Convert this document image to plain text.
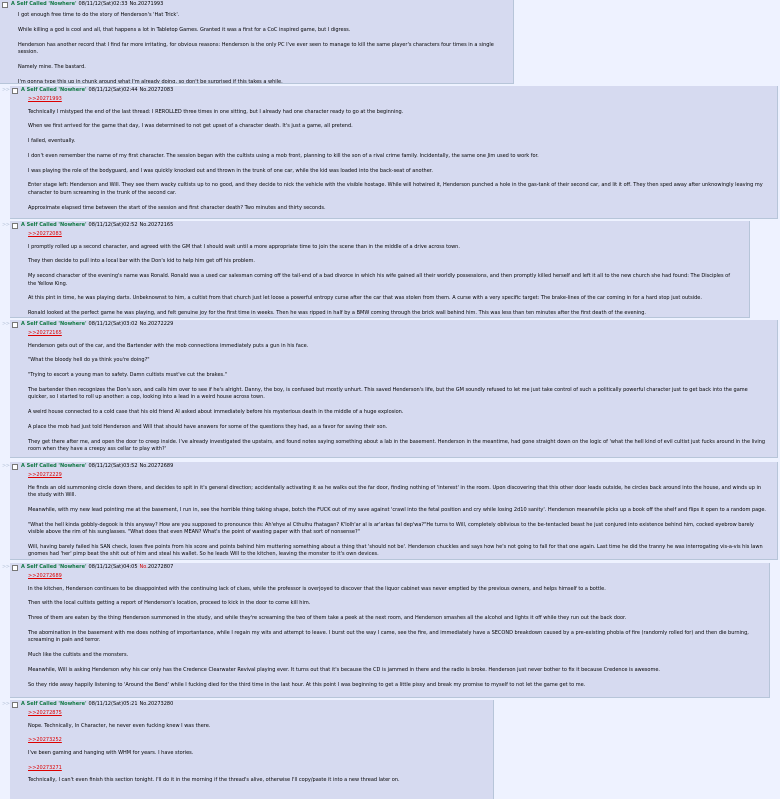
A Self Called 'Nowhere' 08/11/12(Sat)02:33 No.20271993

I got enough free time to do the story of Henderson's 'Hat Trick'.

While killing a god is cool and all, that happens a lot in Tabletop Games. Granted it was a first for a CoC inspired game, but I digress.

Henderson has another record that I find far more irritating, for obvious reasons: Henderson is the only PC I've ever seen to manage to kill the same player's characters four times in a single session.

Namely mine. The bastard.

I'm gonna type this up in chunk around what I'm already doing, so don't be surprised if this takes a while.

>> A Self Called 'Nowhere' 08/11/12(Sat)02:44 No.20272083
>>20271993

Technically I mistyped the end of the last thread: I REROLLED three times in one sitting, but I already had one character ready to go at the beginning.

When we first arrived for the game that day, I was determined to not get upset of a character death. It's just a game, all pretend.

I failed, eventually.

I don't even remember the name of my first character. The session began with the cultists using a mob front, planning to kill the son of a rival crime family. Incidentally, the same one Jim used to work for.

I was playing the role of the bodyguard, and I was quickly knocked out and thrown in the trunk of one car, while the kid was loaded into the back-seat of another.

Enter stage left: Henderson and Will. They see them wacky cultists up to no good, and they decide to nick the vehicle with the visible hostage. While will hotwired it, Henderson punched a hole in the gas-tank of their second car, and lit it off. They then sped away after unknowingly leaving my character to burn screaming in the trunk of the second car.

Approximate elapsed time between the start of the session and first character death? Two minutes and thirty seconds.

>> A Self Called 'Nowhere' 08/11/12(Sat)02:52 No.20272165
>>20272083

I promptly rolled up a second character, and agreed with the GM that I should wait until a more appropriate time to join the scene than in the middle of a drive across town.

They then decide to pull into a local bar with the Don's kid to help him get off his problem.

My second character of the evening's name was Ronald. Ronald was a used car salesman coming off the tail-end of a bad divorce in which his wife gained all their worldly possessions, and then promptly killed herself and left it all to the new church she had found: The Disciples of the Yellow King.

At this pint in time, he was playing darts. Unbeknownst to him, a cultist from that church just let loose a powerful entropy curse after the car that was stolen from them. A curse with a very specific target: The brake-lines of the car coming in for a hard stop just outside.

Ronald looked at the perfect game he was playing, and felt genuine joy for the first time in weeks. Then he was ripped in half by a BMW coming through the brick wall behind him. This was less than ten minutes after the first death of the evening.

>> A Self Called 'Nowhere' 08/11/12(Sat)03:02 No.20272229
>>20272165

Henderson gets out of the car, and the Bartender with the mob connections immediately puts a gun in his face.

"What the bloody hell do ya think you're doing?"

"Trying to escort a young man to safety. Damn cultists must've cut the brakes."

The bartender then recognizes the Don's son, and calls him over to see if he's alright. Danny, the boy, is confused but mostly unhurt. This saved Henderson's life, but the GM soundly refused to let me just take control of such a politically powerful character just to get back into the game quicker, so I started to roll up another: a cop, looking into a lead in a weird house across town.

A weird house connected to a cold case that his old friend Al asked about immediately before his mysterious death in the middle of a huge explosion.

A place the mob had just told Henderson and Will that should have answers for some of the questions they had, as a favor for saving their son.

They get there after me, and open the door to creep inside. I've already investigated the upstairs, and found notes saying something about a lab in the basement. Henderson in the meantime, had gone straight down on the logic of 'what the hell kind of evil cultist just fucks around in the living room when they have a creepy ass cellar to play with?'

>> A Self Called 'Nowhere' 08/11/12(Sat)03:52 No.20272689
>>20272229

He finds an old summoning circle down there, and decides to spit in it's general direction; accidentally activating it as he walks out the far door, finding nothing of 'interest' in the room. Upon discovering that this other door leads outside, he circles back around into the house, and winds up in the study with Will.

Meanwhile, with my new lead pointing me at the basement, I run in, see the horrible thing taking shape, botch the FUCK out of my save against 'crawl into the fetal position and cry while losing 2d10 sanity'. Henderson meanwhile picks up a book off the shelf and flips it open to a random page.

"What the hell kinda gobbly-degook is this anyway? How are you supposed to pronounce this: Ah'ehye al Cthulhu fhatagan? K'lolh'ar al is ar'arkas fal dep'wa?"He turns to Will, completely oblivious to the be-tentacled beast he just conjured into existence behind him, cocked eyebrow barely visible above the rim of his sunglasses. "What does that even MEAN? What's the point of wasting paper with that sort of nonsense?"

Will, having barely failed his SAN check, loses five points from his score and points behind him muttering something about a thing that 'should not be'. Henderson chuckles and says how he's not going to fall for that one again. Last time he did the tranny he was interrogating vis-a-vis his lawn gnomes had 'her' pimp beat the shit out of him and steal his wallet. So he leads Will to the kitchen, leaving the monster to it's own devices.

>> A Self Called 'Nowhere' 08/11/12(Sat)04:05 No.20272807
>>20272689

In the kitchen, Henderson continues to be disappointed with the continuing lack of clues, while the professor is overjoyed to discover that the liquor cabinet was never emptied by the previous owners, and helps himself to a bottle.

Then with the local cultists getting a report of Henderson's location, proceed to kick in the door to come kill him.

Three of them are eaten by the thing Henderson summoned in the study, and while they're screaming the two of them take a peek at the next room, and Henderson smashes all the alcohol and lights it off while they run out the back door.

The abomination in the basement with me does nothing of importantance, while I regain my wits and attempt to leave. I burst out the way I came, see the fire, and immediately have a SECOND breakdown caused by a pre-existing phobia of fire (randomly rolled for) and then die burning, screaming in pain and terror.

Much like the cultists and the monsters.

Meanwhile, Will is asking Henderson why his car only has the Credence Clearwater Revival playing ever. It turns out that it's because the CD is jammed in there and the radio is broke. Henderson just never bother to fix it because Credence is awesome.

So they ride away happily listening to 'Around the Bend' while I fucking died for the third time in the last hour. At this point I was beginning to get a little pissy and break my promise to myself to not let the game get to me.

>> A Self Called 'Nowhere' 08/11/12(Sat)05:21 No.20273280
>>20272875

Nope. Technically, In Character, he never even fucking knew I was there.

>>20273252

I've been gaming and hanging with WHM for years. I have stories.

>>20273271

Technically, I can't even finish this section tonight. I'll do it in the morning if the thread's alive, otherwise I'll copy/paste it into a new thread later on.
